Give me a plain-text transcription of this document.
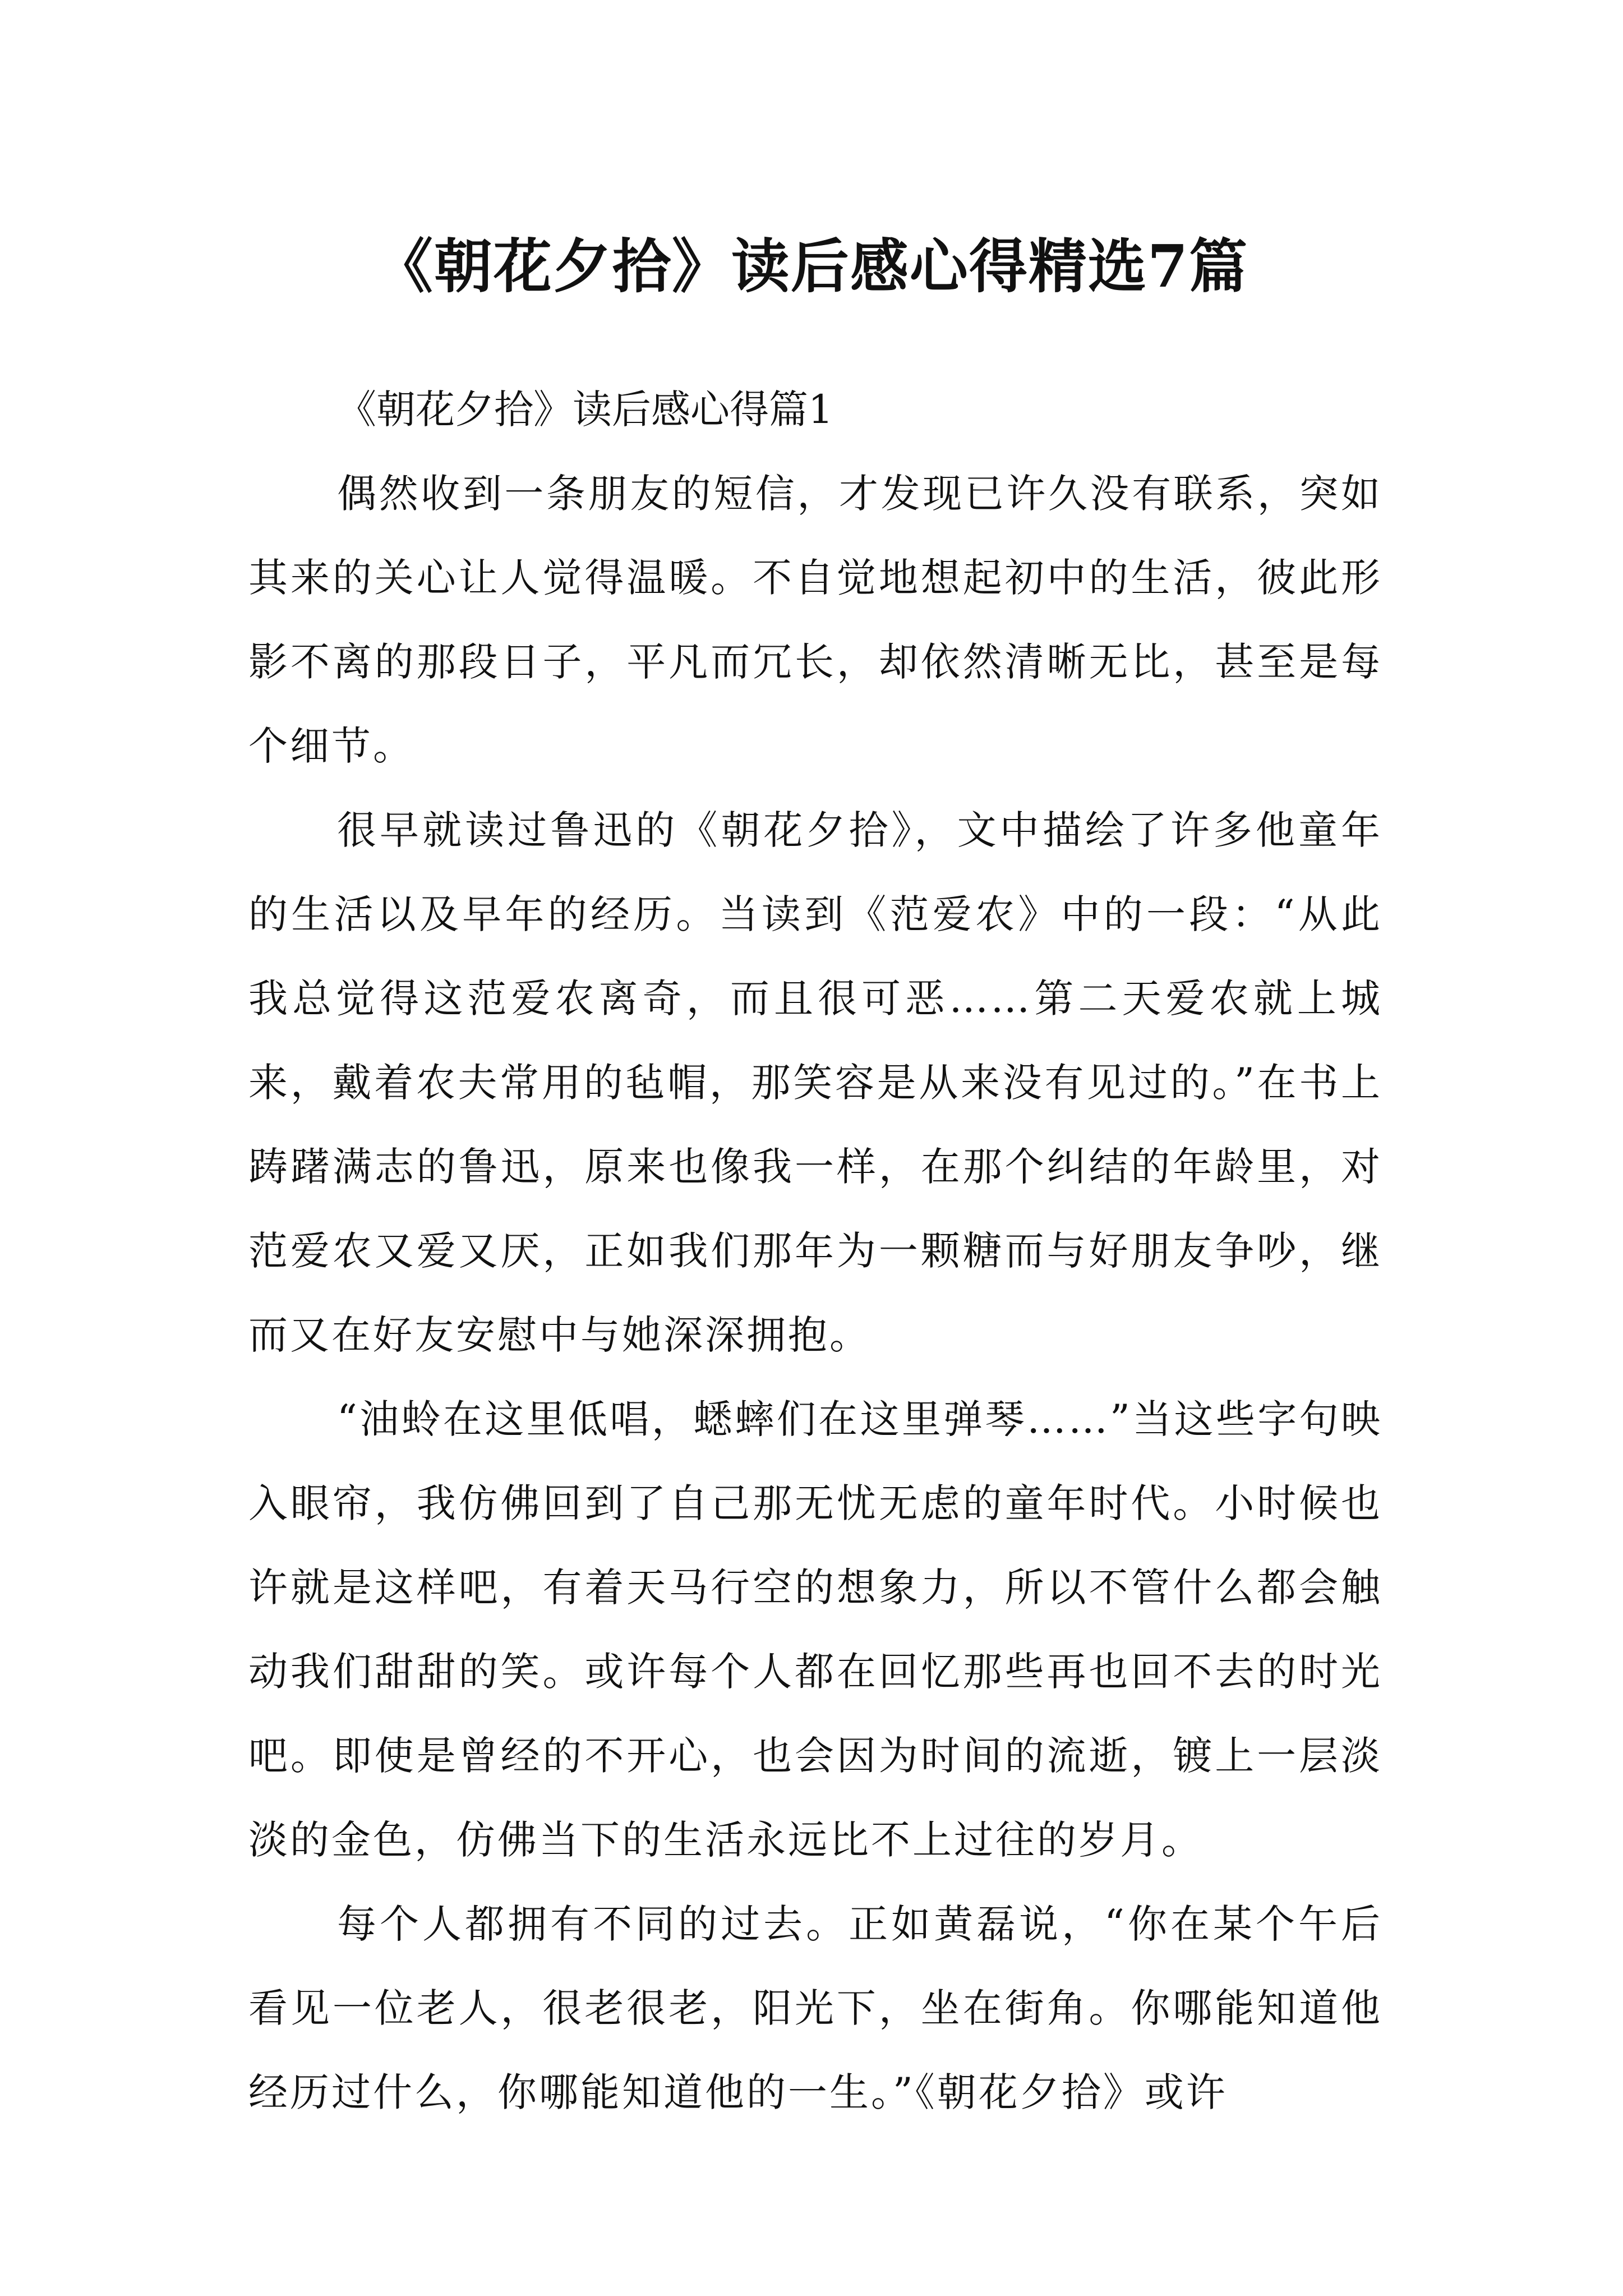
《朝花夕拾》读后感心得精选7篇
《朝花夕拾》读后感心得篇1

偶然收到一条朋友的短信，才发现已许久没有联系，突如其来的关心让人觉得温暖。不自觉地想起初中的生活，彼此形影不离的那段日子，平凡而冗长，却依然清晰无比，甚至是每个细节。

很早就读过鲁迅的《朝花夕拾》，文中描绘了许多他童年的生活以及早年的经历。当读到《范爱农》中的一段：“从此我总觉得这范爱农离奇，而且很可恶……第二天爱农就上城来，戴着农夫常用的毡帽，那笑容是从来没有见过的。”在书上踌躇满志的鲁迅，原来也像我一样，在那个纠结的年龄里，对范爱农又爱又厌，正如我们那年为一颗糖而与好朋友争吵，继而又在好友安慰中与她深深拥抱。

“油蛉在这里低唱，蟋蟀们在这里弹琴……”当这些字句映入眼帘，我仿佛回到了自己那无忧无虑的童年时代。小时候也许就是这样吧，有着天马行空的想象力，所以不管什么都会触动我们甜甜的笑。或许每个人都在回忆那些再也回不去的时光吧。即使是曾经的不开心，也会因为时间的流逝，镀上一层淡淡的金色，仿佛当下的生活永远比不上过往的岁月。

每个人都拥有不同的过去。正如黄磊说，“你在某个午后看见一位老人，很老很老，阳光下，坐在街角。你哪能知道他经历过什么，你哪能知道他的一生。”《朝花夕拾》或许
